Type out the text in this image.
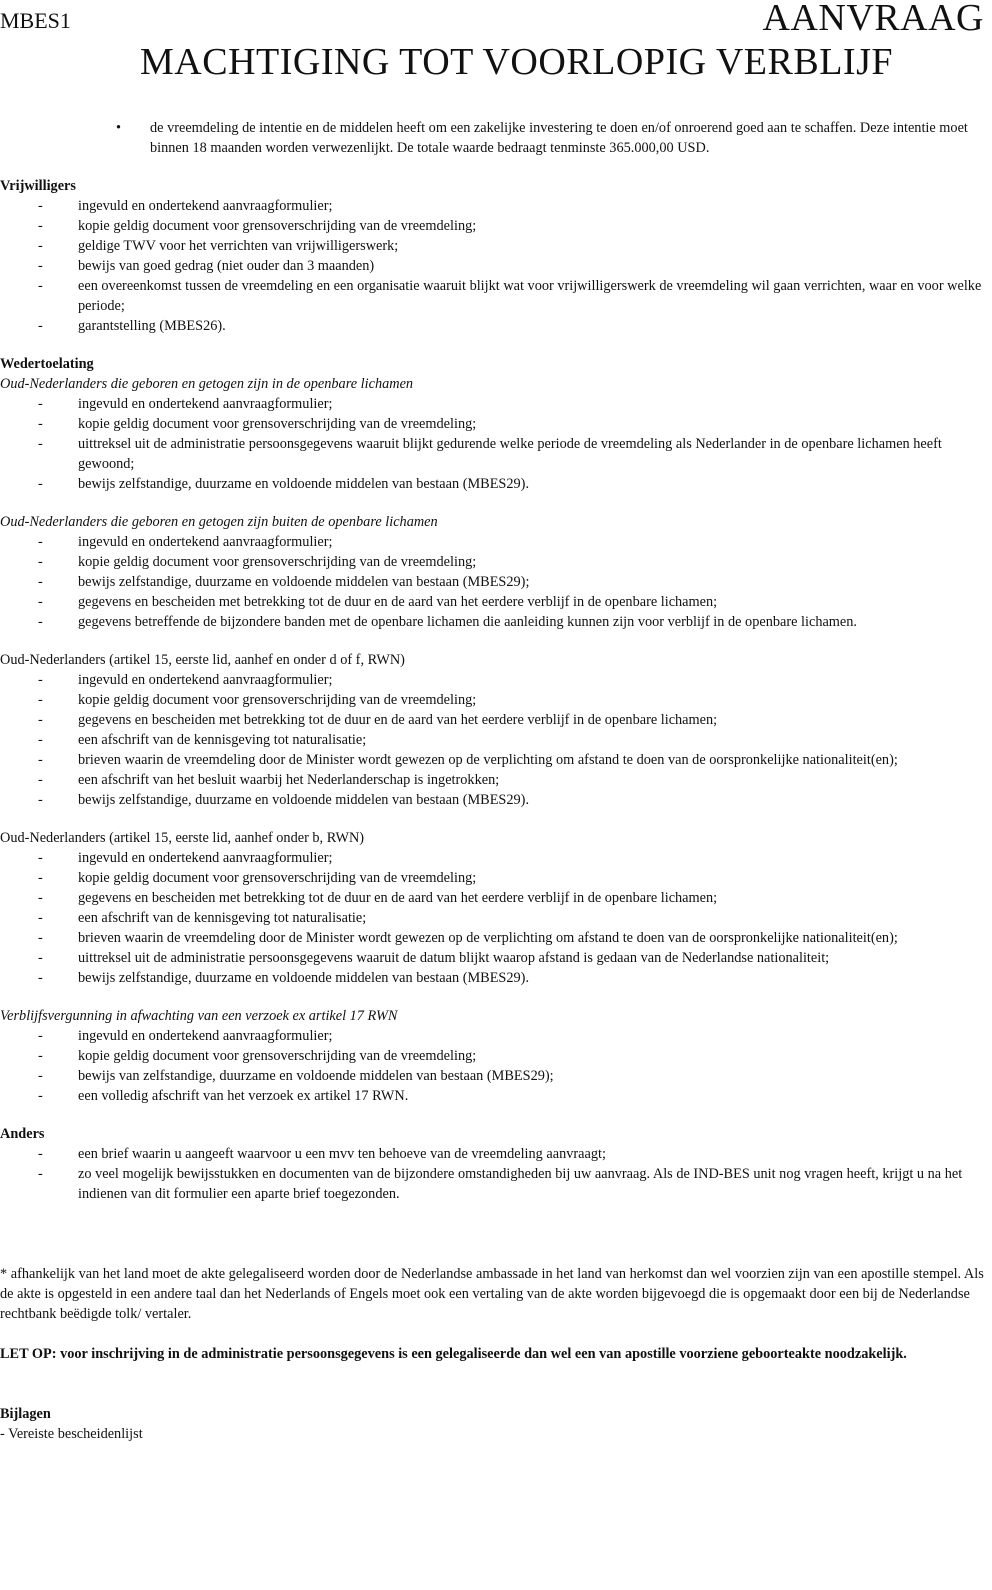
MBES1	AANVRAAG
MACHTIGING TOT VOORLOPIG VERBLIJF
• de vreemdeling de intentie en de middelen heeft om een zakelijke investering te doen en/of onroerend goed aan te schaffen. Deze intentie moet binnen 18 maanden worden verwezenlijkt. De totale waarde bedraagt tenminste 365.000,00 USD.
Vrijwilligers
- ingevuld en ondertekend aanvraagformulier;
- kopie geldig document voor grensoverschrijding van de vreemdeling;
- geldige TWV voor het verrichten van vrijwilligerswerk;
- bewijs van goed gedrag (niet ouder dan 3 maanden)
- een overeenkomst tussen de vreemdeling en een organisatie waaruit blijkt wat voor vrijwilligerswerk de vreemdeling wil gaan verrichten, waar en voor welke periode;
- garantstelling (MBES26).
Wedertoelating
Oud-Nederlanders die geboren en getogen zijn in de openbare lichamen
- ingevuld en ondertekend aanvraagformulier;
- kopie geldig document voor grensoverschrijding van de vreemdeling;
- uittreksel uit de administratie persoonsgegevens waaruit blijkt gedurende welke periode de vreemdeling als Nederlander in de openbare lichamen heeft gewoond;
- bewijs zelfstandige, duurzame en voldoende middelen van bestaan (MBES29).
Oud-Nederlanders die geboren en getogen zijn buiten de openbare lichamen
- ingevuld en ondertekend aanvraagformulier;
- kopie geldig document voor grensoverschrijding van de vreemdeling;
- bewijs zelfstandige, duurzame en voldoende middelen van bestaan (MBES29);
- gegevens en bescheiden met betrekking tot de duur en de aard van het eerdere verblijf in de openbare lichamen;
- gegevens betreffende de bijzondere banden met de openbare lichamen die aanleiding kunnen zijn voor verblijf in de openbare lichamen.
Oud-Nederlanders (artikel 15, eerste lid, aanhef en onder d of f, RWN)
- ingevuld en ondertekend aanvraagformulier;
- kopie geldig document voor grensoverschrijding van de vreemdeling;
- gegevens en bescheiden met betrekking tot de duur en de aard van het eerdere verblijf in de openbare lichamen;
- een afschrift van de kennisgeving tot naturalisatie;
- brieven waarin de vreemdeling door de Minister wordt gewezen op de verplichting om afstand te doen van de oorspronkelijke nationaliteit(en);
- een afschrift van het besluit waarbij het Nederlanderschap is ingetrokken;
- bewijs zelfstandige, duurzame en voldoende middelen van bestaan (MBES29).
Oud-Nederlanders (artikel 15, eerste lid, aanhef onder b, RWN)
- ingevuld en ondertekend aanvraagformulier;
- kopie geldig document voor grensoverschrijding van de vreemdeling;
- gegevens en bescheiden met betrekking tot de duur en de aard van het eerdere verblijf in de openbare lichamen;
- een afschrift van de kennisgeving tot naturalisatie;
- brieven waarin de vreemdeling door de Minister wordt gewezen op de verplichting om afstand te doen van de oorspronkelijke nationaliteit(en);
- uittreksel uit de administratie persoonsgegevens waaruit de datum blijkt waarop afstand is gedaan van de Nederlandse nationaliteit;
- bewijs zelfstandige, duurzame en voldoende middelen van bestaan (MBES29).
Verblijfsvergunning in afwachting van een verzoek ex artikel 17 RWN
- ingevuld en ondertekend aanvraagformulier;
- kopie geldig document voor grensoverschrijding van de vreemdeling;
- bewijs van zelfstandige, duurzame en voldoende middelen van bestaan (MBES29);
- een volledig afschrift van het verzoek ex artikel 17 RWN.
Anders
- een brief waarin u aangeeft waarvoor u een mvv ten behoeve van de vreemdeling aanvraagt;
- zo veel mogelijk bewijsstukken en documenten van de bijzondere omstandigheden bij uw aanvraag. Als de IND-BES unit nog vragen heeft, krijgt u na het indienen van dit formulier een aparte brief toegezonden.
* afhankelijk van het land moet de akte gelegaliseerd worden door de Nederlandse ambassade in het land van herkomst dan wel voorzien zijn van een apostille stempel. Als de akte is opgesteld in een andere taal dan het Nederlands of Engels moet ook een vertaling van de akte worden bijgevoegd die is opgemaakt door een bij de Nederlandse rechtbank beëdigde tolk/ vertaler.
LET OP: voor inschrijving in de administratie persoonsgegevens is een gelegaliseerde dan wel een van apostille voorziene geboorteakte noodzakelijk.
Bijlagen
- Vereiste bescheidenlijst
